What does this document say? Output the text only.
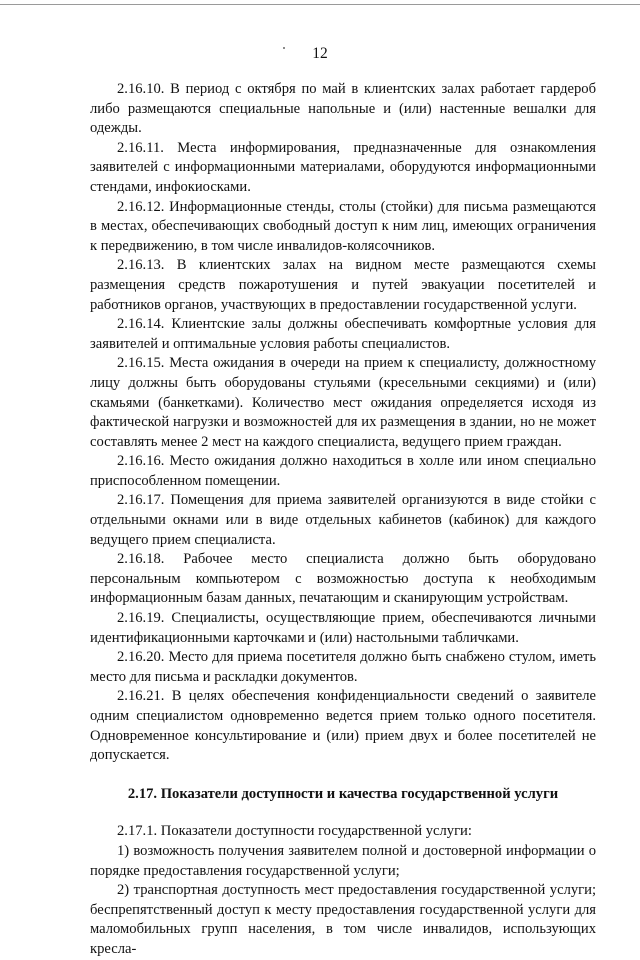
12

2.16.10. В период с октября по май в клиентских залах работает гардероб либо размещаются специальные напольные и (или) настенные вешалки для одежды.

2.16.11. Места информирования, предназначенные для ознакомления заявителей с информационными материалами, оборудуются информационными стендами, инфокиосками.

2.16.12. Информационные стенды, столы (стойки) для письма размещаются в местах, обеспечивающих свободный доступ к ним лиц, имеющих ограничения к передвижению, в том числе инвалидов-колясочников.

2.16.13. В клиентских залах на видном месте размещаются схемы размещения средств пожаротушения и путей эвакуации посетителей и работников органов, участвующих в предоставлении государственной услуги.

2.16.14. Клиентские залы должны обеспечивать комфортные условия для заявителей и оптимальные условия работы специалистов.

2.16.15. Места ожидания в очереди на прием к специалисту, должностному лицу должны быть оборудованы стульями (кресельными секциями) и (или) скамьями (банкетками). Количество мест ожидания определяется исходя из фактической нагрузки и возможностей для их размещения в здании, но не может составлять менее 2 мест на каждого специалиста, ведущего прием граждан.

2.16.16. Место ожидания должно находиться в холле или ином специально приспособленном помещении.

2.16.17. Помещения для приема заявителей организуются в виде стойки с отдельными окнами или в виде отдельных кабинетов (кабинок) для каждого ведущего прием специалиста.

2.16.18. Рабочее место специалиста должно быть оборудовано персональным компьютером с возможностью доступа к необходимым информационным базам данных, печатающим и сканирующим устройствам.

2.16.19. Специалисты, осуществляющие прием, обеспечиваются личными идентификационными карточками и (или) настольными табличками.

2.16.20. Место для приема посетителя должно быть снабжено стулом, иметь место для письма и раскладки документов.

2.16.21. В целях обеспечения конфиденциальности сведений о заявителе одним специалистом одновременно ведется прием только одного посетителя. Одновременное консультирование и (или) прием двух и более посетителей не допускается.

2.17. Показатели доступности и качества государственной услуги

2.17.1. Показатели доступности государственной услуги:

1) возможность получения заявителем полной и достоверной информации о порядке предоставления государственной услуги;

2) транспортная доступность мест предоставления государственной услуги; беспрепятственный доступ к месту предоставления государственной услуги для маломобильных групп населения, в том числе инвалидов, использующих кресла-
